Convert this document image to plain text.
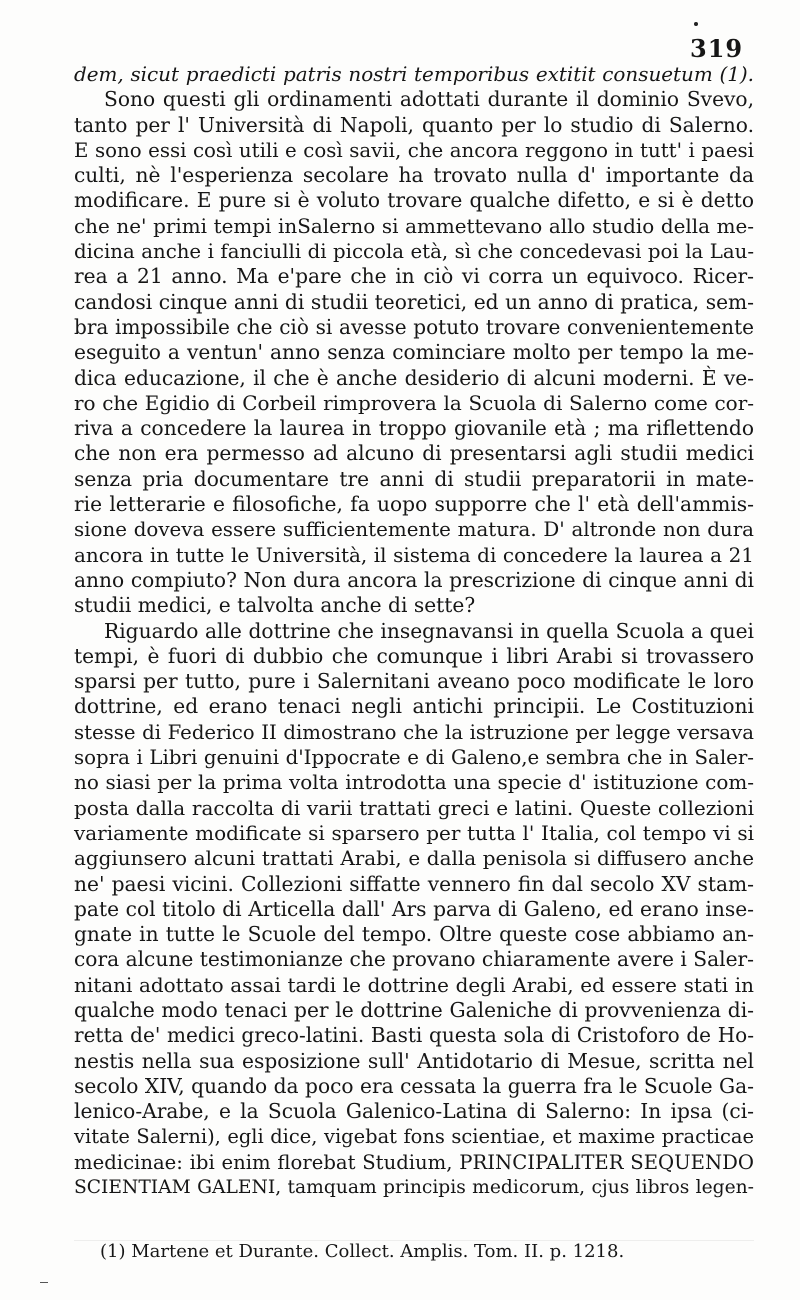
319
dem, sicut praedicti patris nostri temporibus extitit consuetum (1).
Sono questi gli ordinamenti adottati durante il dominio Svevo,
tanto per l' Università di Napoli, quanto per lo studio di Salerno.
E sono essi così utili e così savii, che ancora reggono in tutt' i paesi
culti, nè l'esperienza secolare ha trovato nulla d' importante da
modificare. E pure si è voluto trovare qualche difetto, e si è detto
che ne' primi tempi inSalerno si ammettevano allo studio della me-
dicina anche i fanciulli di piccola età, sì che concedevasi poi la Lau-
rea a 21 anno. Ma e'pare che in ciò vi corra un equivoco. Ricer-
candosi cinque anni di studii teoretici, ed un anno di pratica, sem-
bra impossibile che ciò si avesse potuto trovare convenientemente
eseguito a ventun' anno senza cominciare molto per tempo la me-
dica educazione, il che è anche desiderio di alcuni moderni. È ve-
ro che Egidio di Corbeil rimprovera la Scuola di Salerno come cor-
riva a concedere la laurea in troppo giovanile età ; ma riflettendo
che non era permesso ad alcuno di presentarsi agli studii medici
senza pria documentare tre anni di studii preparatorii in mate-
rie letterarie e filosofiche, fa uopo supporre che l' età dell'ammis-
sione doveva essere sufficientemente matura. D' altronde non dura
ancora in tutte le Università, il sistema di concedere la laurea a 21
anno compiuto? Non dura ancora la prescrizione di cinque anni di
studii medici, e talvolta anche di sette?
Riguardo alle dottrine che insegnavansi in quella Scuola a quei
tempi, è fuori di dubbio che comunque i libri Arabi si trovassero
sparsi per tutto, pure i Salernitani aveano poco modificate le loro
dottrine, ed erano tenaci negli antichi principii. Le Costituzioni
stesse di Federico II dimostrano che la istruzione per legge versava
sopra i Libri genuini d'Ippocrate e di Galeno,e sembra che in Saler-
no siasi per la prima volta introdotta una specie d' istituzione com-
posta dalla raccolta di varii trattati greci e latini. Queste collezioni
variamente modificate si sparsero per tutta l' Italia, col tempo vi si
aggiunsero alcuni trattati Arabi, e dalla penisola si diffusero anche
ne' paesi vicini. Collezioni siffatte vennero fin dal secolo XV stam-
pate col titolo di Articella dall' Ars parva di Galeno, ed erano inse-
gnate in tutte le Scuole del tempo. Oltre queste cose abbiamo an-
cora alcune testimonianze che provano chiaramente avere i Saler-
nitani adottato assai tardi le dottrine degli Arabi, ed essere stati in
qualche modo tenaci per le dottrine Galeniche di provvenienza di-
retta de' medici greco-latini. Basti questa sola di Cristoforo de Ho-
nestis nella sua esposizione sull' Antidotario di Mesue, scritta nel
secolo XIV, quando da poco era cessata la guerra fra le Scuole Ga-
lenico-Arabe, e la Scuola Galenico-Latina di Salerno: In ipsa (ci-
vitate Salerni), egli dice, vigebat fons scientiae, et maxime practicae
medicinae: ibi enim florebat Studium, PRINCIPALITER SEQUENDO
SCIENTIAM GALENI, tamquam principis medicorum, cjus libros legen-
(1) Martene et Durante. Collect. Amplis. Tom. II. p. 1218.
